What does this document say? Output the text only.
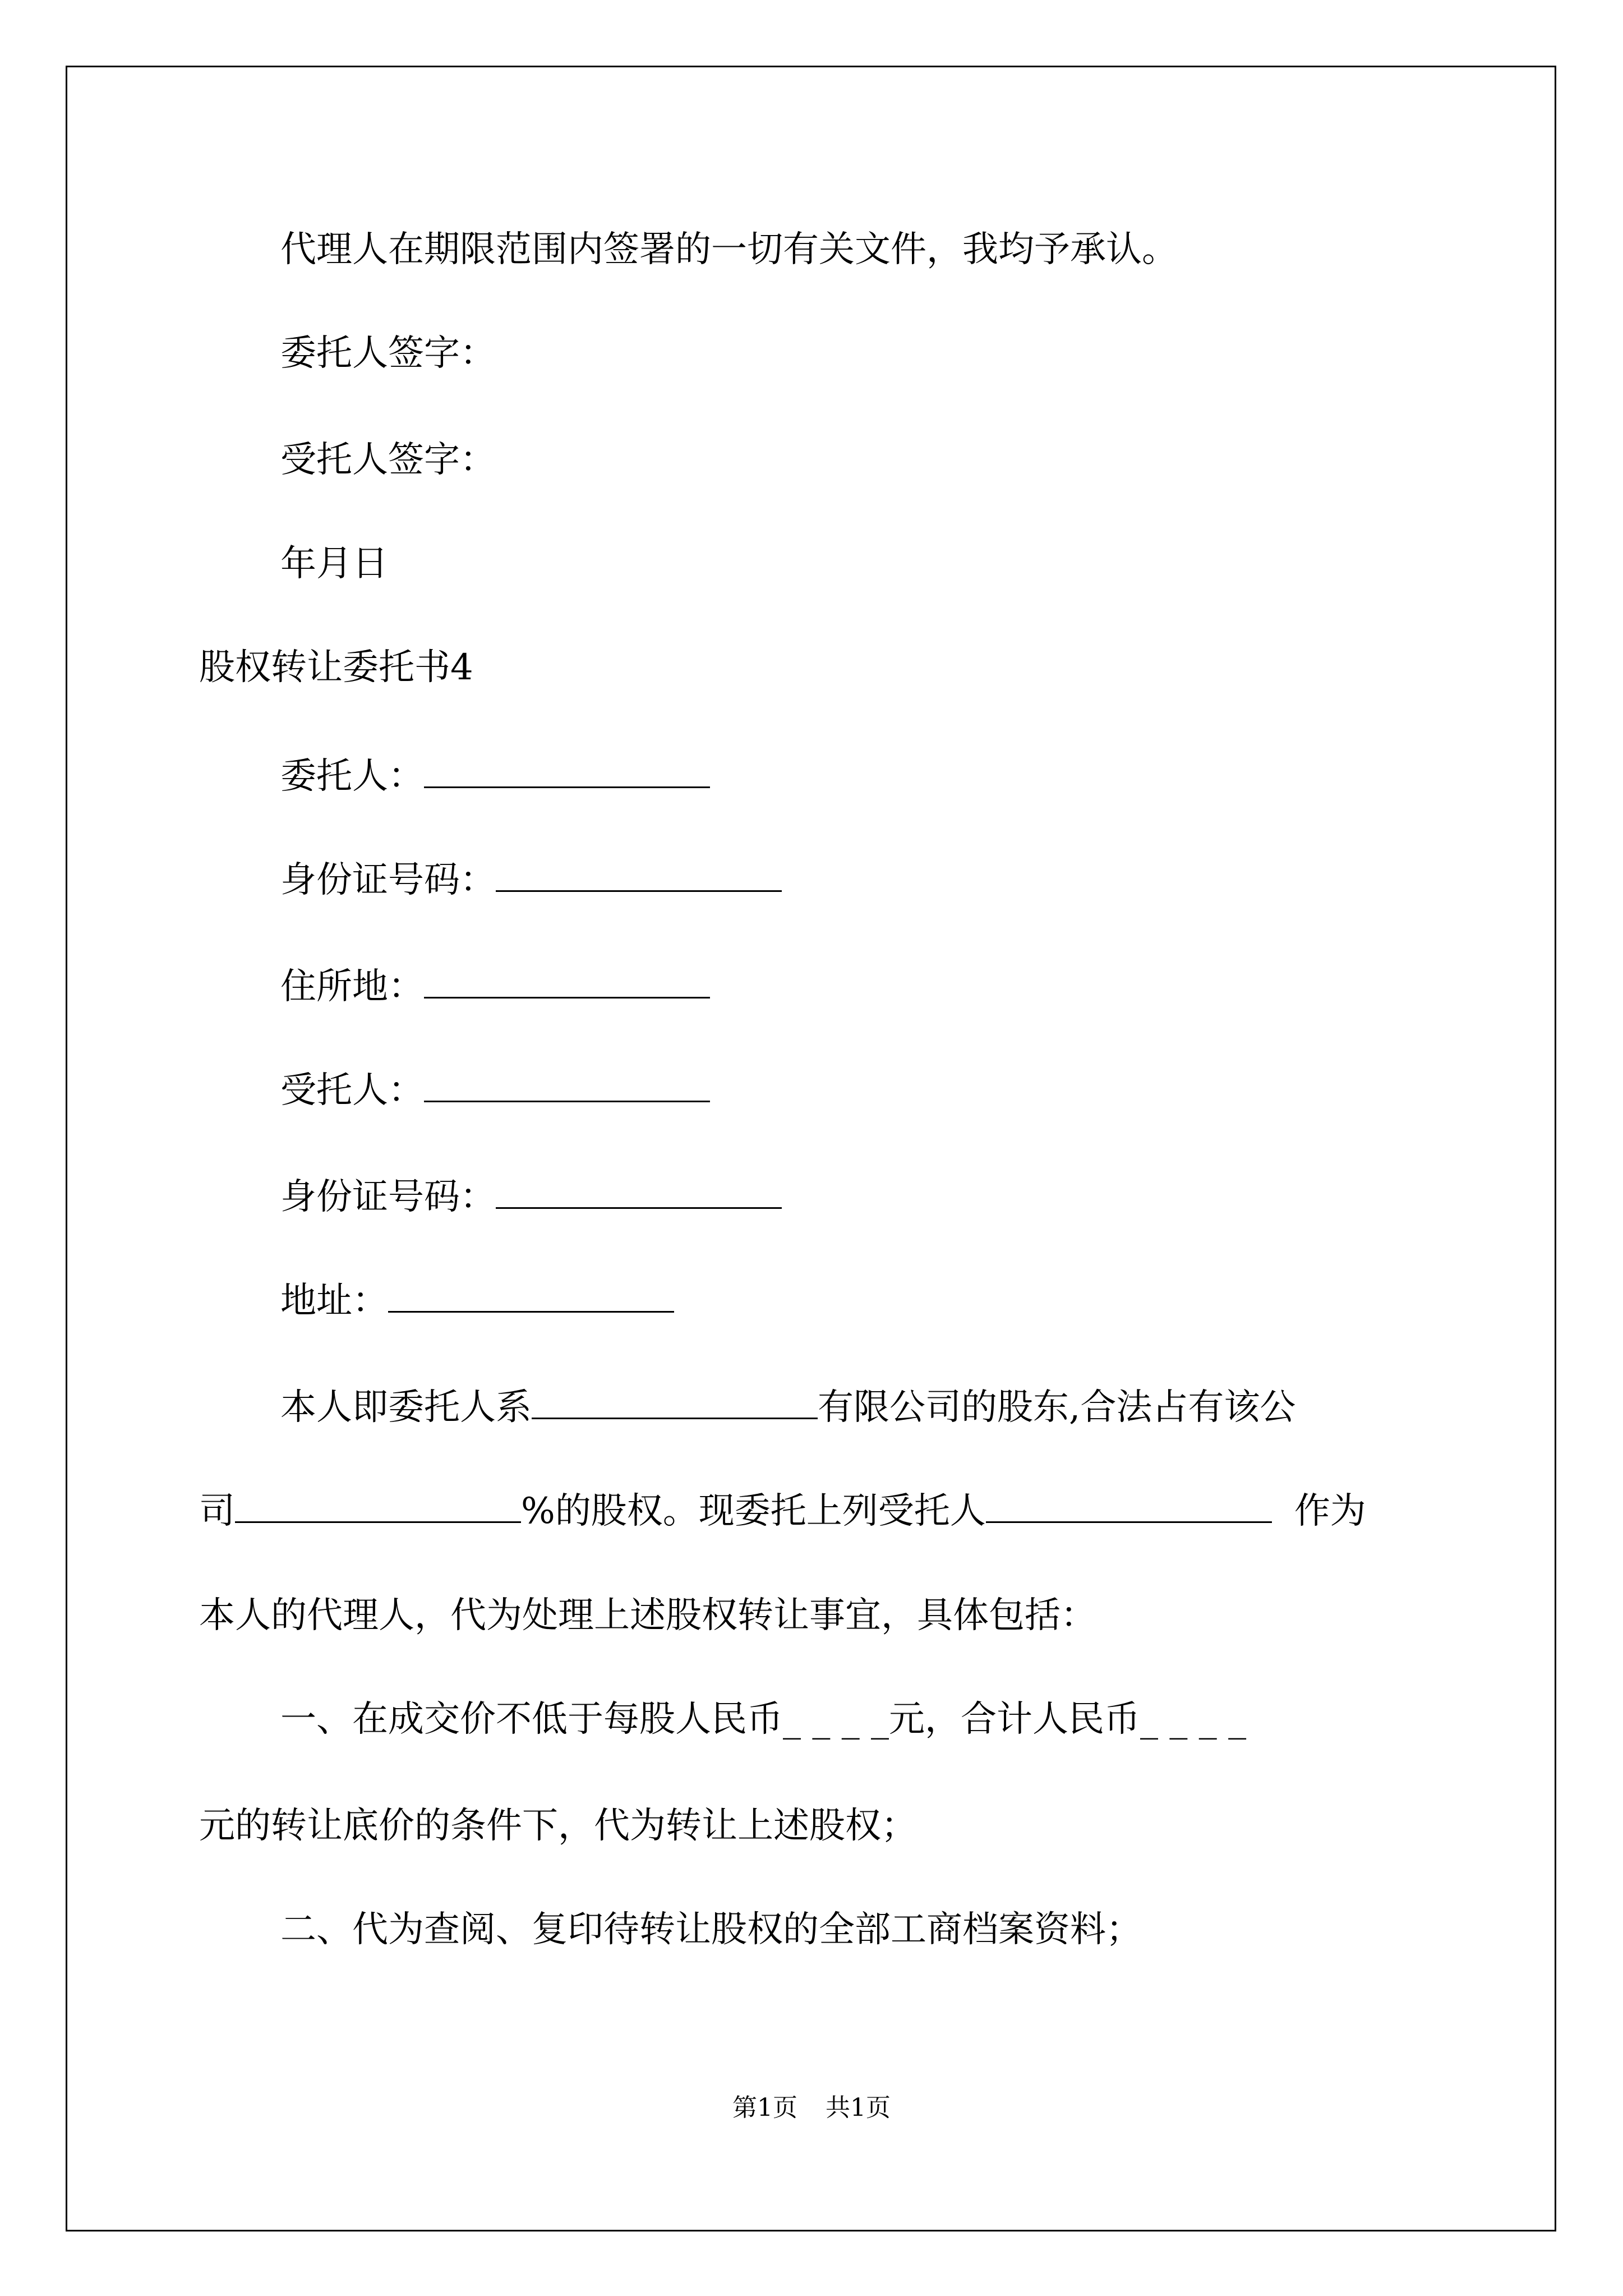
代理人在期限范围内签署的一切有关文件，我均予承认。
委托人签字：
受托人签字：
年月日
股权转让委托书4
委托人：
身份证号码：
住所地：
受托人：
身份证号码：
地址：
本人即委托人系	有限公司的股东,合法占有该公
司	%的股权。现委托上列受托人	作为
本人的代理人，代为处理上述股权转让事宜，具体包括：
一、在成交价不低于每股人民币_ _ _ _元，合计人民币_ _ _ _
元的转让底价的条件下，代为转让上述股权；
二、代为查阅、复印待转让股权的全部工商档案资料；
第1页 共1页
